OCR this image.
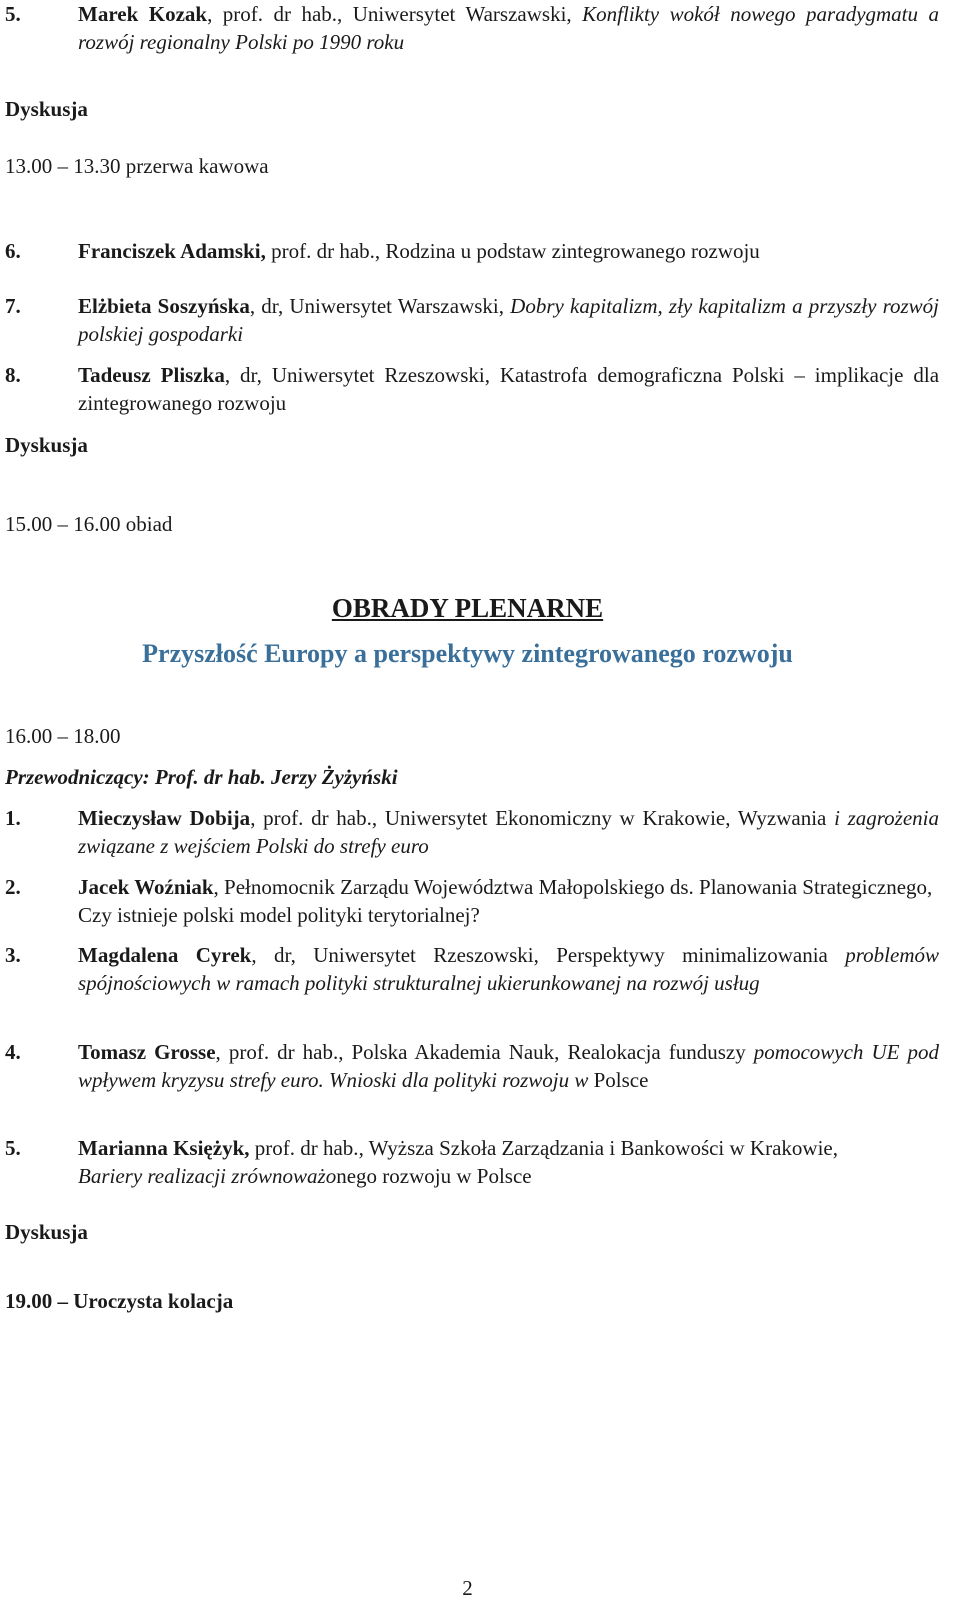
5.	Marek Kozak, prof. dr hab., Uniwersytet Warszawski, Konflikty wokół nowego paradygmatu a rozwój regionalny Polski po 1990 roku
Dyskusja
13.00 – 13.30 przerwa kawowa
6.	Franciszek Adamski, prof. dr hab., Rodzina u podstaw zintegrowanego rozwoju
7.	Elżbieta Soszyńska, dr, Uniwersytet Warszawski, Dobry kapitalizm, zły kapitalizm a przyszły rozwój polskiej gospodarki
8.	Tadeusz Pliszka, dr, Uniwersytet Rzeszowski, Katastrofa demograficzna Polski – implikacje dla zintegrowanego rozwoju
Dyskusja
15.00 – 16.00 obiad
OBRADY PLENARNE
Przyszłość Europy a perspektywy zintegrowanego rozwoju
16.00 – 18.00
Przewodniczący: Prof. dr hab. Jerzy Żyżyński
1.	Mieczysław Dobija, prof. dr hab., Uniwersytet Ekonomiczny w Krakowie, Wyzwania i zagrożenia związane z wejściem Polski do strefy euro
2.	Jacek Woźniak, Pełnomocnik Zarządu Województwa Małopolskiego ds. Planowania Strategicznego, Czy istnieje polski model polityki terytorialnej?
3.	Magdalena Cyrek, dr, Uniwersytet Rzeszowski, Perspektywy minimalizowania problemów spójnościowych w ramach polityki strukturalnej ukierunkowanej na rozwój usług
4.	Tomasz Grosse, prof. dr hab., Polska Akademia Nauk, Realokacja funduszy pomocowych UE pod wpływem kryzysu strefy euro. Wnioski dla polityki rozwoju w Polsce
5.	Marianna Księżyk, prof. dr hab., Wyższa Szkoła Zarządzania i Bankowości w Krakowie, Bariery realizacji zrównoważonego rozwoju w Polsce
Dyskusja
19.00 – Uroczysta kolacja
2
